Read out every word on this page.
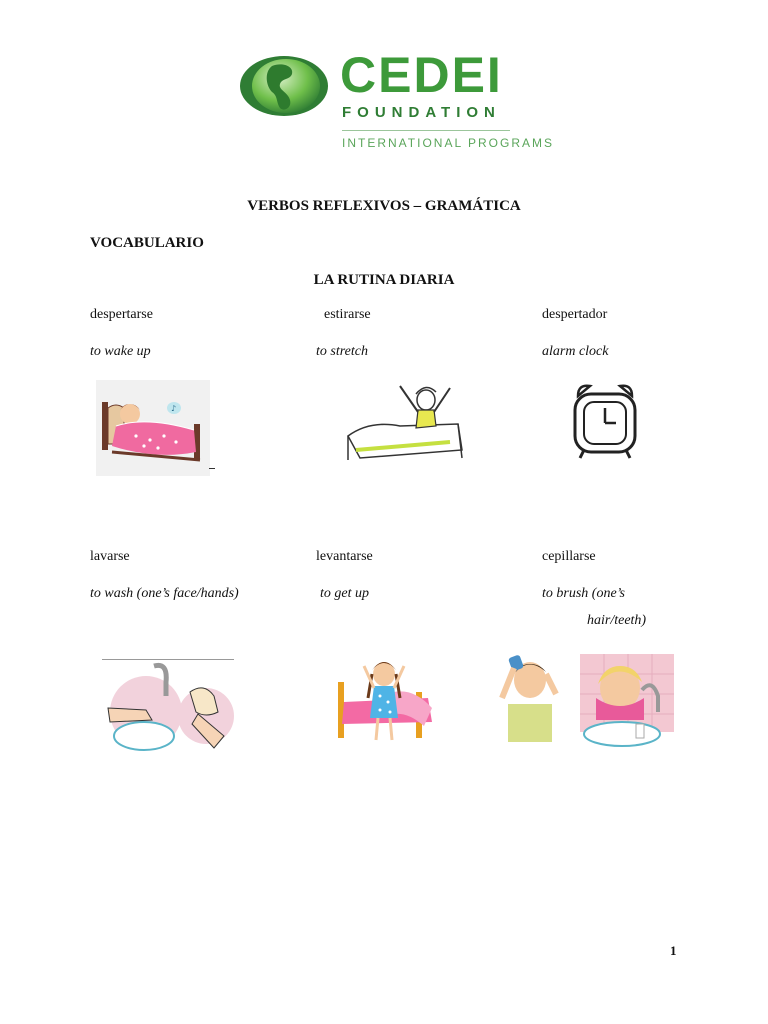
CEDEI
FOUNDATION
INTERNATIONAL PROGRAMS
VERBOS REFLEXIVOS – GRAMÁTICA
VOCABULARIO
LA RUTINA DIARIA
despertarse	estirarse	despertador
to wake up	to stretch	alarm clock
♪
lavarse	levantarse	cepillarse
to wash (one’s face/hands)	to get up	to brush (one’s
hair/teeth)
1
